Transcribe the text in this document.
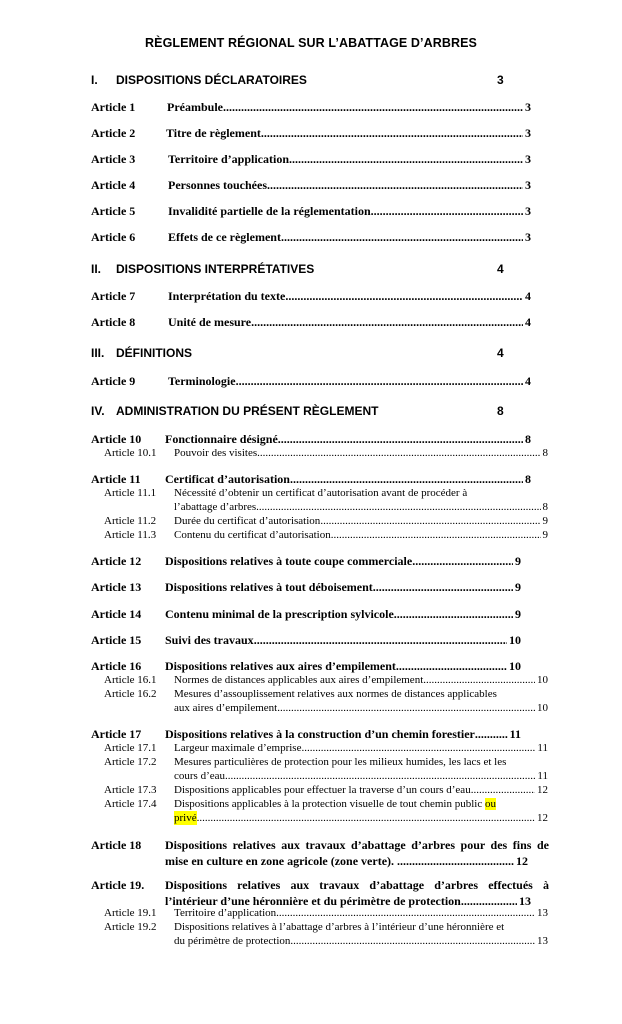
RÈGLEMENT RÉGIONAL SUR L’ABATTAGE D’ARBRES
I. DISPOSITIONS DÉCLARATOIRES	3
Article 1	Préambule .....	3
Article 2	Titre de règlement .....	3
Article 3	Territoire d’application .....	3
Article 4	Personnes touchées .....	3
Article 5	Invalidité partielle de la réglementation .....	3
Article 6	Effets de ce règlement .....	3
II. DISPOSITIONS INTERPRÉTATIVES	4
Article 7	Interprétation du texte .....	4
Article 8	Unité de mesure .....	4
III. DÉFINITIONS	4
Article 9	Terminologie .....	4
IV. ADMINISTRATION DU PRÉSENT RÈGLEMENT	8
Article 10 Fonctionnaire désigné .....	8
Article 10.1 Pouvoir des visites .....	8
Article 11 Certificat d’autorisation .....	8
Article 11.1 Nécessité d’obtenir un certificat d’autorisation avant de procéder à
l’abattage d’arbres .....	8
Article 11.2 Durée du certificat d’autorisation .....	9
Article 11.3 Contenu du certificat d’autorisation .....	9
Article 12 Dispositions relatives à toute coupe commerciale .....	9
Article 13 Dispositions relatives à tout déboisement .....	9
Article 14 Contenu minimal de la prescription sylvicole .....	9
Article 15 Suivi des travaux .....	10
Article 16 Dispositions relatives aux aires d’empilement .....	10
Article 16.1 Normes de distances applicables aux aires d’empilement .....	10
Article 16.2 Mesures d’assouplissement relatives aux normes de distances applicables
aux aires d’empilement .....	10
Article 17 Dispositions relatives à la construction d’un chemin forestier .....	11
Article 17.1 Largeur maximale d’emprise .....	11
Article 17.2 Mesures particulières de protection pour les milieux humides, les lacs et les
cours d’eau .....	11
Article 17.3 Dispositions applicables pour effectuer la traverse d’un cours d’eau .....	12
Article 17.4 Dispositions applicables à la protection visuelle de tout chemin public ou
privé .....	12
Article 18 Dispositions relatives aux travaux d’abattage d’arbres pour des fins de
mise en culture en zone agricole (zone verte). ....................................... 12
Article 19. Dispositions relatives aux travaux d’abattage d’arbres effectués à
l’intérieur d’une héronnière et du périmètre de protection. .....	13
Article 19.1 Territoire d’application .....	13
Article 19.2 Dispositions relatives à l’abattage d’arbres à l’intérieur d’une héronnière et
du périmètre de protection .....	13
